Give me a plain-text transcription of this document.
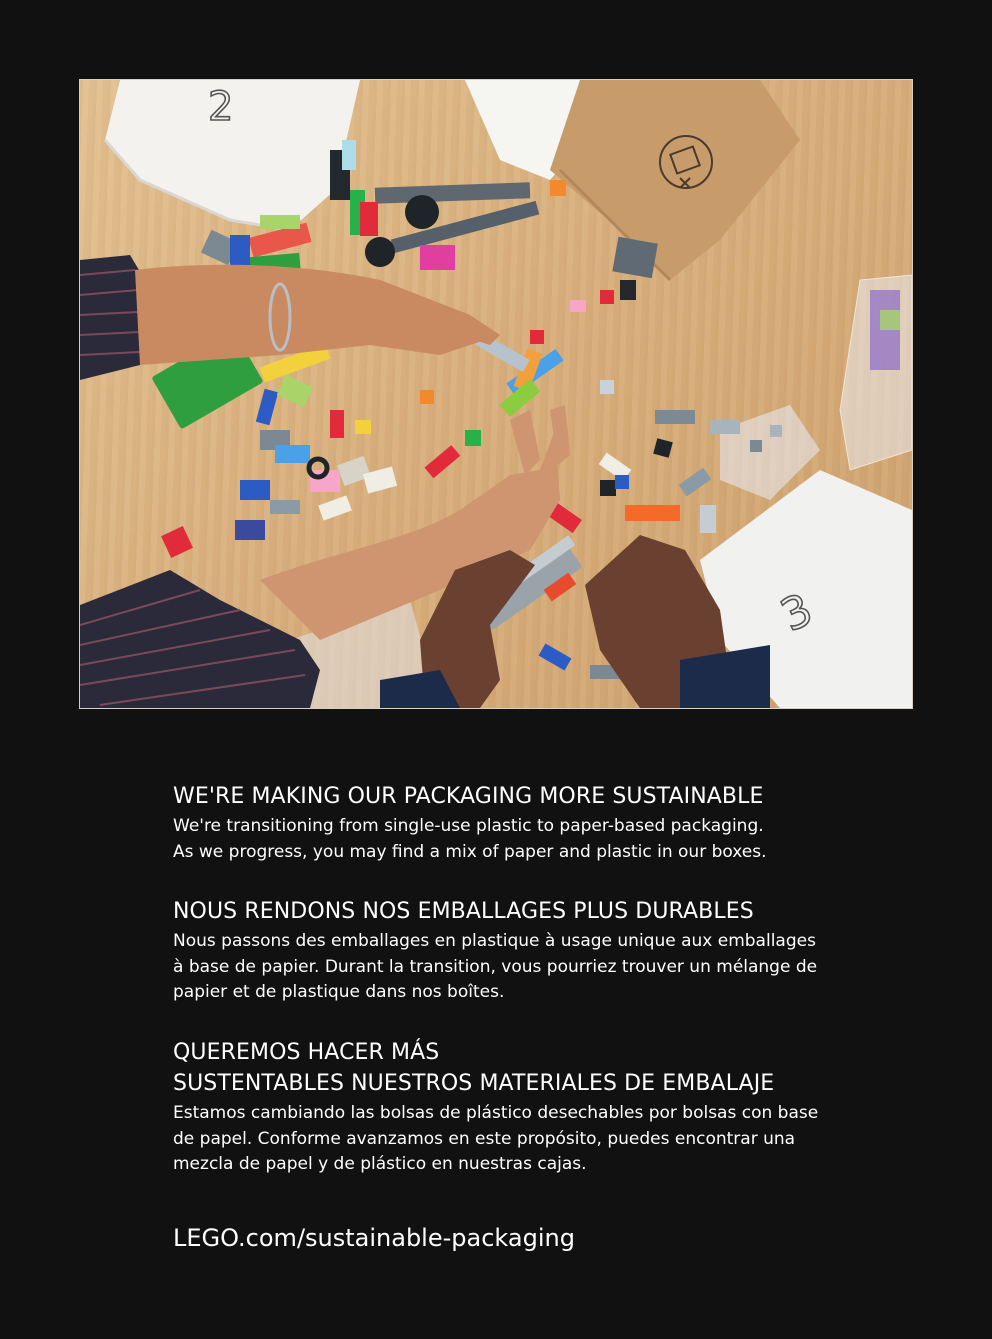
2
3
WE'RE MAKING OUR PACKAGING MORE SUSTAINABLE

We're transitioning from single-use plastic to paper-based packaging.
As we progress, you may find a mix of paper and plastic in our boxes.

NOUS RENDONS NOS EMBALLAGES PLUS DURABLES

Nous passons des emballages en plastique à usage unique aux emballages
à base de papier. Durant la transition, vous pourriez trouver un mélange de
papier et de plastique dans nos boîtes.

QUEREMOS HACER MÁS
SUSTENTABLES NUESTROS MATERIALES DE EMBALAJE

Estamos cambiando las bolsas de plástico desechables por bolsas con base
de papel. Conforme avanzamos en este propósito, puedes encontrar una
mezcla de papel y de plástico en nuestras cajas.

LEGO.com/sustainable-packaging
